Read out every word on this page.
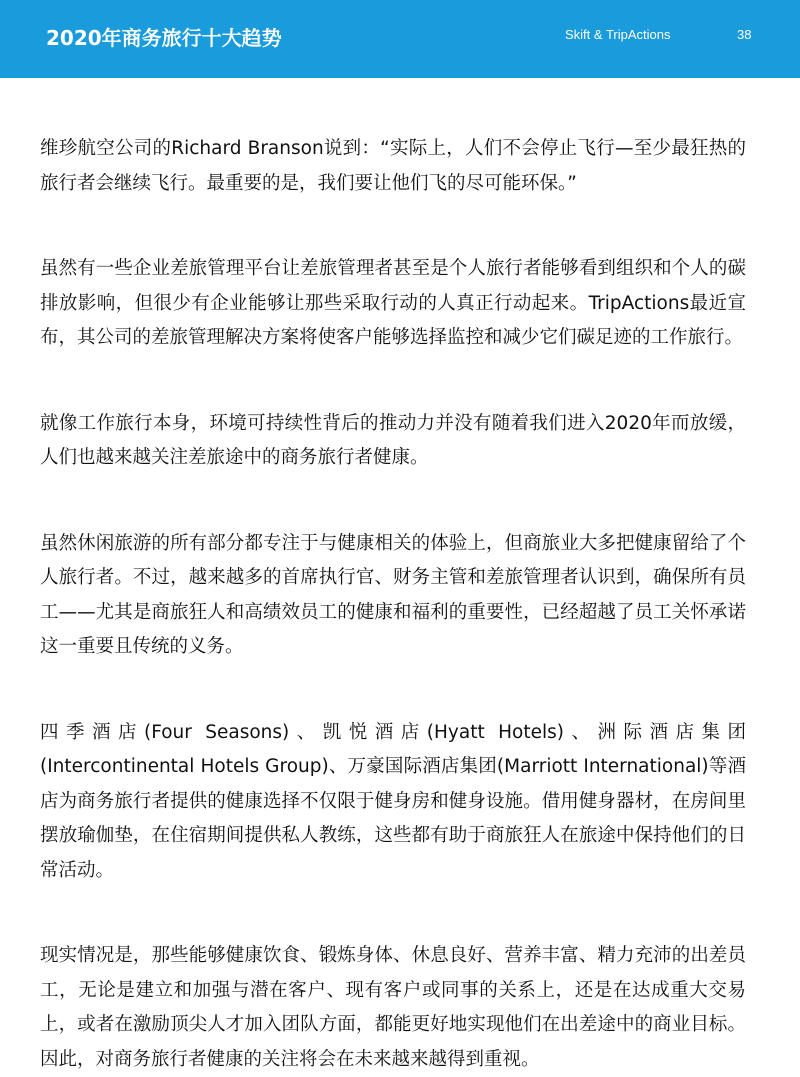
2020年商务旅行十大趋势	Skift & TripActions	38

维珍航空公司的Richard Branson说到：“实际上，人们不会停止飞行—至少最狂热的旅行者会继续飞行。最重要的是，我们要让他们飞的尽可能环保。”

虽然有一些企业差旅管理平台让差旅管理者甚至是个人旅行者能够看到组织和个人的碳排放影响，但很少有企业能够让那些采取行动的人真正行动起来。TripActions最近宣布，其公司的差旅管理解决方案将使客户能够选择监控和减少它们碳足迹的工作旅行。

就像工作旅行本身，环境可持续性背后的推动力并没有随着我们进入2020年而放缓，人们也越来越关注差旅途中的商务旅行者健康。

虽然休闲旅游的所有部分都专注于与健康相关的体验上，但商旅业大多把健康留给了个人旅行者。不过，越来越多的首席执行官、财务主管和差旅管理者认识到，确保所有员工——尤其是商旅狂人和高绩效员工的健康和福利的重要性，已经超越了员工关怀承诺这一重要且传统的义务。

四季酒店(Four Seasons)、凯悦酒店(Hyatt Hotels)、洲际酒店集团(Intercontinental Hotels Group)、万豪国际酒店集团(Marriott International)等酒店为商务旅行者提供的健康选择不仅限于健身房和健身设施。借用健身器材，在房间里摆放瑜伽垫，在住宿期间提供私人教练，这些都有助于商旅狂人在旅途中保持他们的日常活动。

现实情况是，那些能够健康饮食、锻炼身体、休息良好、营养丰富、精力充沛的出差员工，无论是建立和加强与潜在客户、现有客户或同事的关系上，还是在达成重大交易上，或者在激励顶尖人才加入团队方面，都能更好地实现他们在出差途中的商业目标。因此，对商务旅行者健康的关注将会在未来越来越得到重视。
